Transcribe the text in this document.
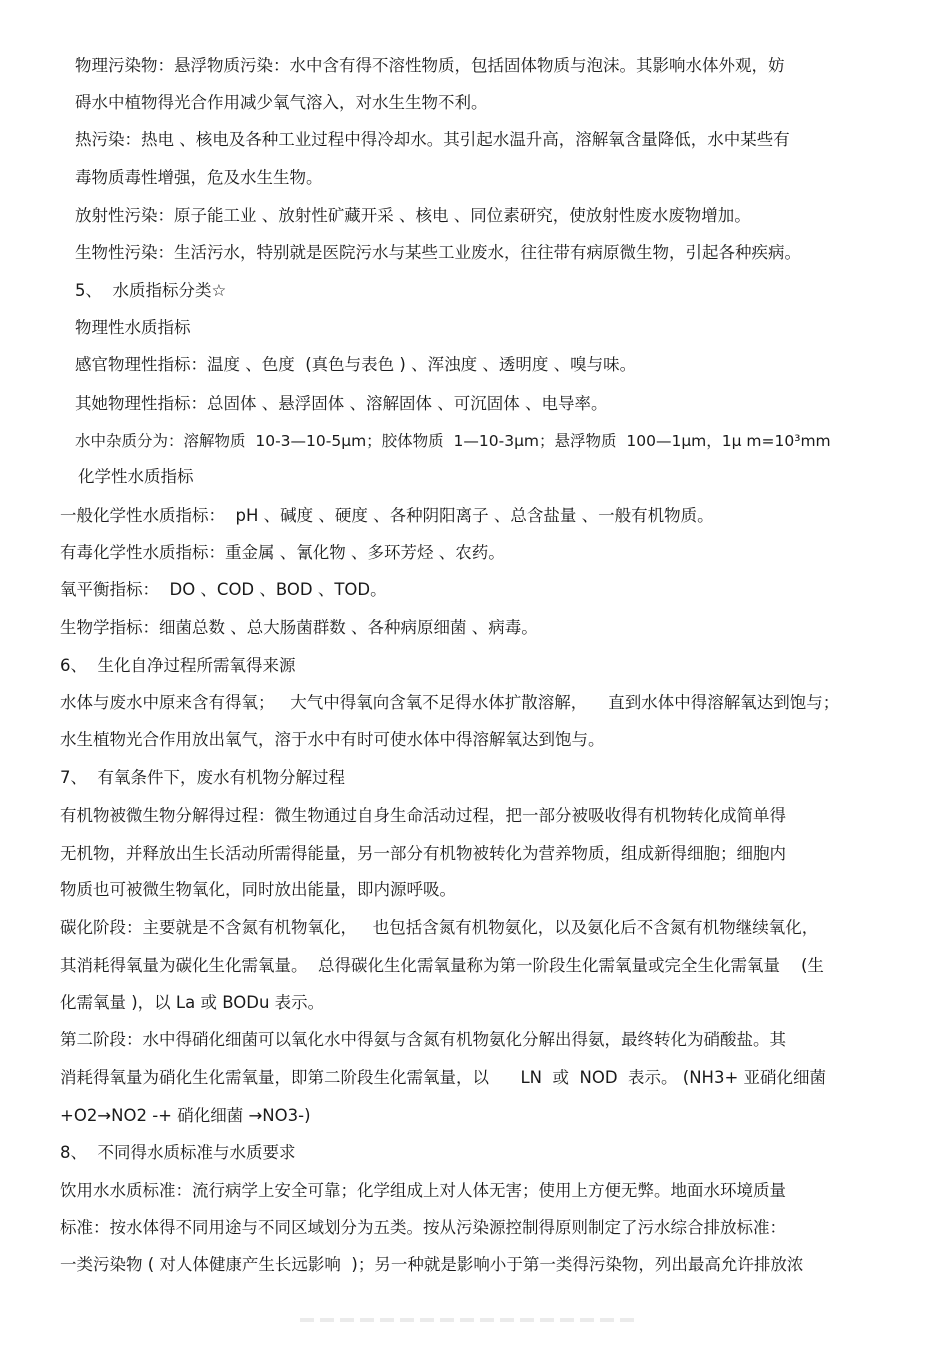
物理污染物：悬浮物质污染：水中含有得不溶性物质，包括固体物质与泡沫。其影响水体外观，妨
碍水中植物得光合作用减少氧气溶入，对水生生物不利。
热污染：热电 、核电及各种工业过程中得冷却水。其引起水温升高，溶解氧含量降低，水中某些有
毒物质毒性增强，危及水生生物。
放射性污染：原子能工业 、放射性矿藏开采 、核电 、同位素研究，使放射性废水废物增加。
生物性污染：生活污水，特别就是医院污水与某些工业废水，往往带有病原微生物，引起各种疾病。
5、  水质指标分类☆
物理性水质指标
感官物理性指标：温度 、色度  (真色与表色 ) 、浑浊度 、透明度 、嗅与味。
其她物理性指标：总固体 、悬浮固体 、溶解固体 、可沉固体 、电导率。
水中杂质分为：溶解物质  10-3—10-5μm；胶体物质  1—10-3μm；悬浮物质  100—1μm，1μ m=10³mm
化学性水质指标
一般化学性水质指标：  pH 、碱度 、硬度 、各种阴阳离子 、总含盐量 、一般有机物质。
有毒化学性水质指标：重金属 、氰化物 、多环芳烃 、农药。
氧平衡指标：  DO 、COD 、BOD 、TOD。
生物学指标：细菌总数 、总大肠菌群数 、各种病原细菌 、病毒。
6、  生化自净过程所需氧得来源
水体与废水中原来含有得氧；   大气中得氧向含氧不足得水体扩散溶解，    直到水体中得溶解氧达到饱与；
水生植物光合作用放出氧气，溶于水中有时可使水体中得溶解氧达到饱与。
7、  有氧条件下，废水有机物分解过程
有机物被微生物分解得过程：微生物通过自身生命活动过程，把一部分被吸收得有机物转化成简单得
无机物，并释放出生长活动所需得能量，另一部分有机物被转化为营养物质，组成新得细胞；细胞内
物质也可被微生物氧化，同时放出能量，即内源呼吸。
碳化阶段：主要就是不含氮有机物氧化，   也包括含氮有机物氨化，以及氨化后不含氮有机物继续氧化，
其消耗得氧量为碳化生化需氧量。  总得碳化生化需氧量称为第一阶段生化需氧量或完全生化需氧量    (生
化需氧量 )，以 La 或 BODu 表示。
第二阶段：水中得硝化细菌可以氧化水中得氨与含氮有机物氨化分解出得氨，最终转化为硝酸盐。其
消耗得氧量为硝化生化需氧量，即第二阶段生化需氧量，以      LN  或  NOD  表示。 (NH3+ 亚硝化细菌
+O2→NO2 -+ 硝化细菌 →NO3-)
8、  不同得水质标准与水质要求
饮用水水质标准：流行病学上安全可靠；化学组成上对人体无害；使用上方便无弊。地面水环境质量
标准：按水体得不同用途与不同区域划分为五类。按从污染源控制得原则制定了污水综合排放标准：
一类污染物 ( 对人体健康产生长远影响  )；另一种就是影响小于第一类得污染物，列出最高允许排放浓
